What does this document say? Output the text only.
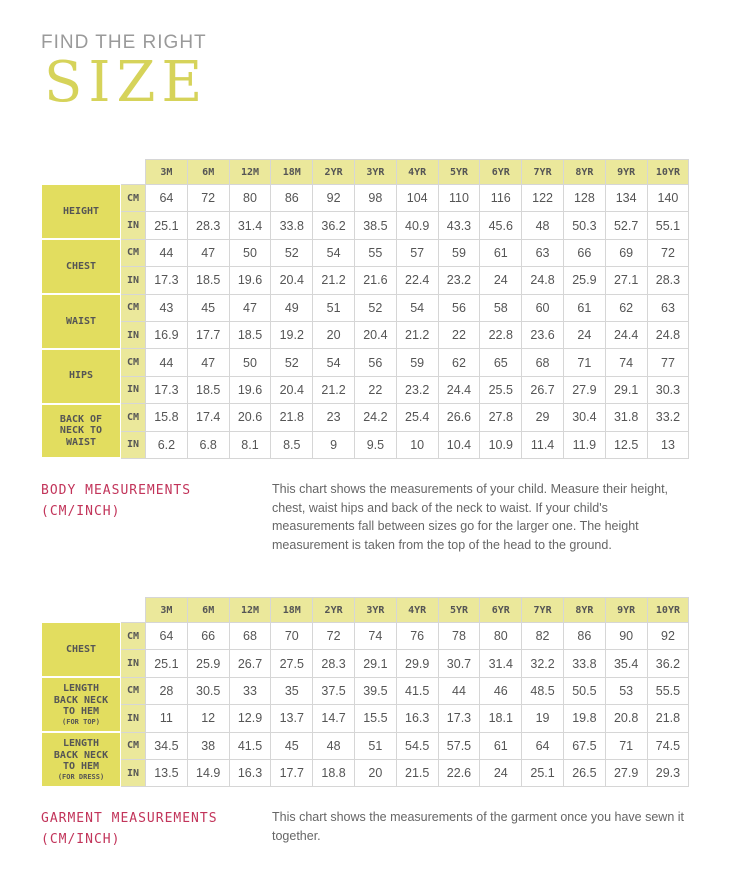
FIND THE RIGHT
SIZE
		3M	6M	12M	18M	2YR	3YR	4YR	5YR	6YR	7YR	8YR	9YR	10YR

HEIGHT	CM	64	72	80	86	92	98	104	110	116	122	128	134	140
	IN	25.1	28.3	31.4	33.8	36.2	38.5	40.9	43.3	45.6	48	50.3	52.7	55.1

CHEST	CM	44	47	50	52	54	55	57	59	61	63	66	69	72
	IN	17.3	18.5	19.6	20.4	21.2	21.6	22.4	23.2	24	24.8	25.9	27.1	28.3

WAIST	CM	43	45	47	49	51	52	54	56	58	60	61	62	63
	IN	16.9	17.7	18.5	19.2	20	20.4	21.2	22	22.8	23.6	24	24.4	24.8

HIPS	CM	44	47	50	52	54	56	59	62	65	68	71	74	77
	IN	17.3	18.5	19.6	20.4	21.2	22	23.2	24.4	25.5	26.7	27.9	29.1	30.3

BACK OF NECK TO WAIST	CM	15.8	17.4	20.6	21.8	23	24.2	25.4	26.6	27.8	29	30.4	31.8	33.2
	IN	6.2	6.8	8.1	8.5	9	9.5	10	10.4	10.9	11.4	11.9	12.5	13
BODY MEASUREMENTS
(CM/INCH)
This chart shows the measurements of your child. Measure their height, chest, waist hips and back of the neck to waist. If your child's measurements fall between sizes go for the larger one. The height measurement is taken from the top of the head to the ground.
		3M	6M	12M	18M	2YR	3YR	4YR	5YR	6YR	7YR	8YR	9YR	10YR

CHEST	CM	64	66	68	70	72	74	76	78	80	82	86	90	92
	IN	25.1	25.9	26.7	27.5	28.3	29.1	29.9	30.7	31.4	32.2	33.8	35.4	36.2

LENGTH BACK NECK TO HEM
(FOR TOP)	CM	28	30.5	33	35	37.5	39.5	41.5	44	46	48.5	50.5	53	55.5
	IN	11	12	12.9	13.7	14.7	15.5	16.3	17.3	18.1	19	19.8	20.8	21.8

LENGTH BACK NECK TO HEM
(FOR DRESS)	CM	34.5	38	41.5	45	48	51	54.5	57.5	61	64	67.5	71	74.5
	IN	13.5	14.9	16.3	17.7	18.8	20	21.5	22.6	24	25.1	26.5	27.9	29.3
GARMENT MEASUREMENTS
(CM/INCH)
This chart shows the measurements of the garment once you have sewn it together.
